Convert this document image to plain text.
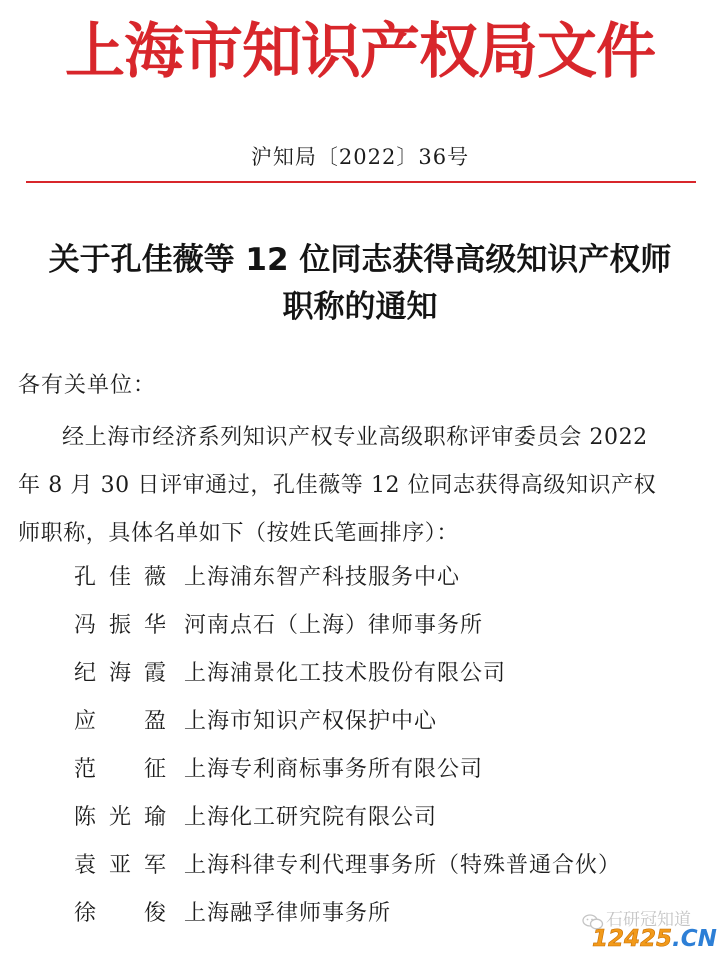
上海市知识产权局文件
沪知局〔2022〕36号
关于孔佳薇等 12 位同志获得高级知识产权师
职称的通知
各有关单位：
经上海市经济系列知识产权专业高级职称评审委员会 2022
年 8 月 30 日评审通过，孔佳薇等 12 位同志获得高级知识产权
师职称，具体名单如下（按姓氏笔画排序）：
孔 佳 薇 上海浦东智产科技服务中心
冯 振 华 河南点石（上海）律师事务所
纪 海 霞 上海浦景化工技术股份有限公司
应 盈 上海市知识产权保护中心
范 征 上海专利商标事务所有限公司
陈 光 瑜 上海化工研究院有限公司
袁 亚 军 上海科律专利代理事务所（特殊普通合伙）
徐 俊 上海融孚律师事务所	石研冠知道
12425.CN
